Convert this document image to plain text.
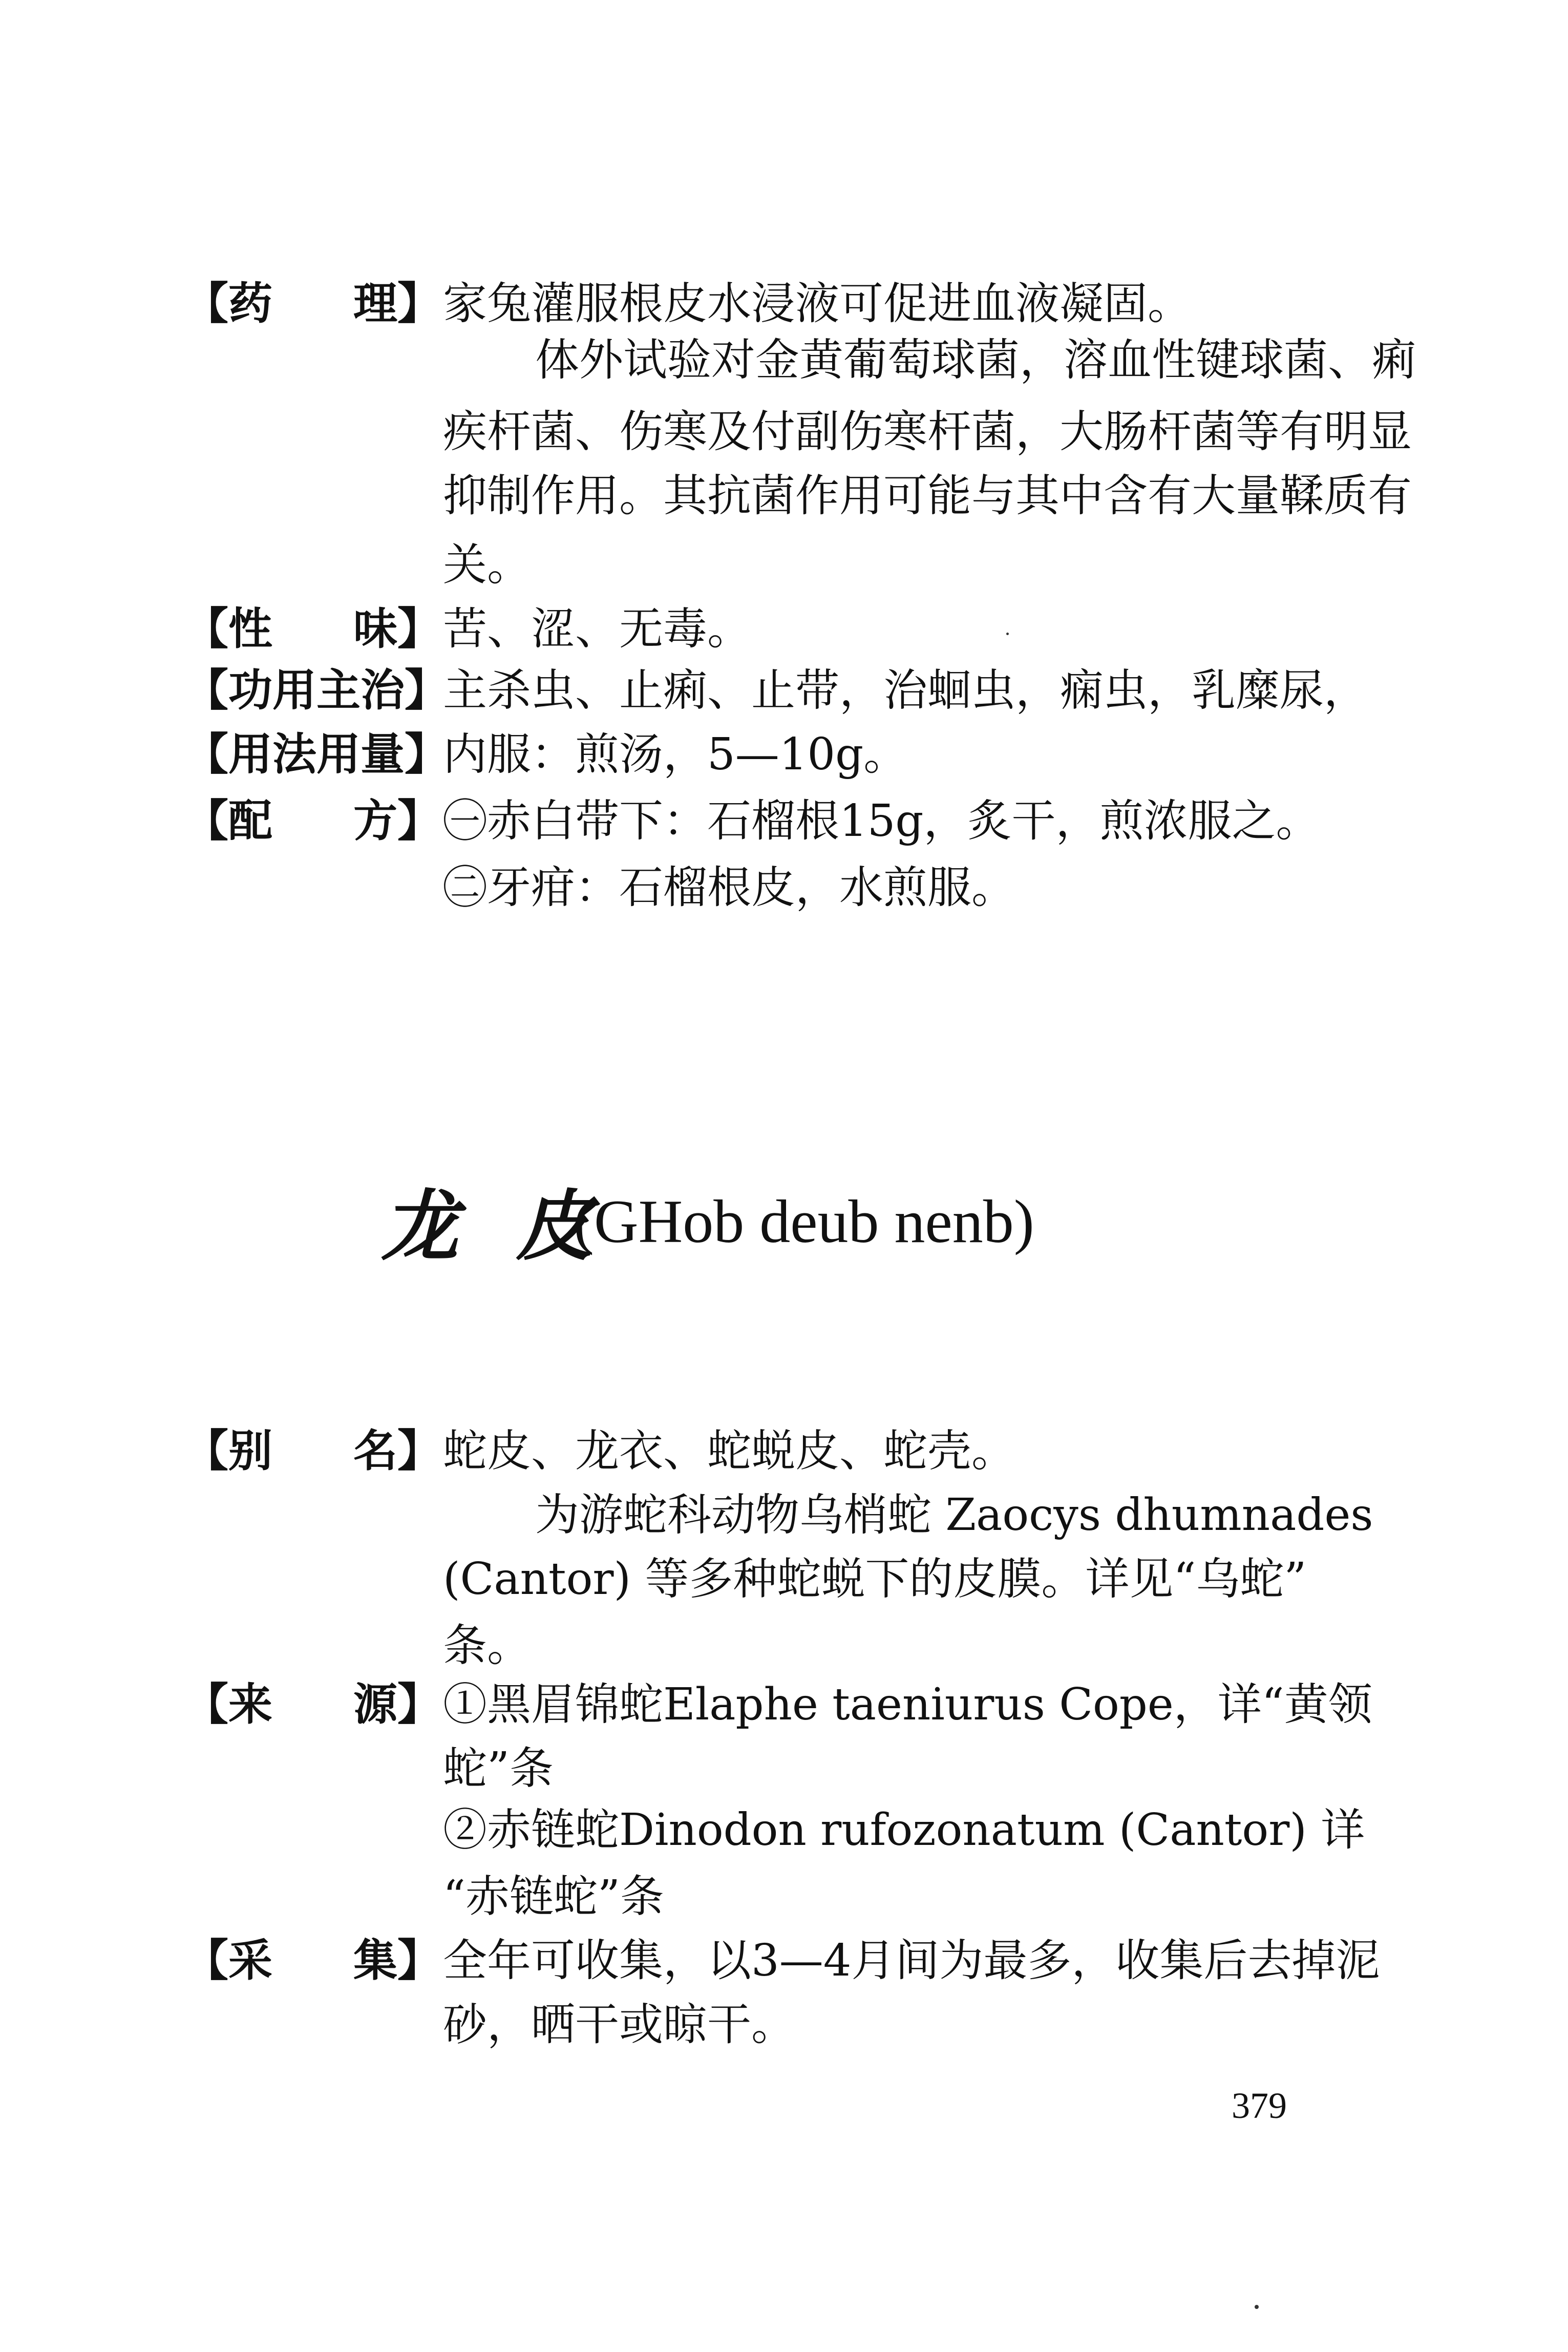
【药 理】 家兔灌服根皮水浸液可促进血液凝固。
体外试验对金黄葡萄球菌，溶血性键球菌、痢
疾杆菌、伤寒及付副伤寒杆菌，大肠杆菌等有明显
抑制作用。其抗菌作用可能与其中含有大量鞣质有
关。
【性 味】 苦、涩、无毒。
【功用主治】
主杀虫、止痢、止带，治蛔虫，痫虫，乳糜尿，
【用法用量】
内服：煎汤，5—10g。
【配 方】 ㊀赤白带下：石榴根15g，炙干，煎浓服之。
㊁牙疳：石榴根皮，水煎服。
龙 皮
(GHob deub nenb)
【别 名】 蛇皮、龙衣、蛇蜕皮、蛇壳。
为游蛇科动物乌梢蛇 Zaocys dhumnades
(Cantor) 等多种蛇蜕下的皮膜。详见“乌蛇”
条。
【来 源】 ①黑眉锦蛇Elaphe taeniurus Cope，详“黄领
蛇”条
②赤链蛇Dinodon rufozonatum (Cantor) 详
“赤链蛇”条
【采 集】 全年可收集，以3—4月间为最多，收集后去掉泥
砂，晒干或晾干。
379
